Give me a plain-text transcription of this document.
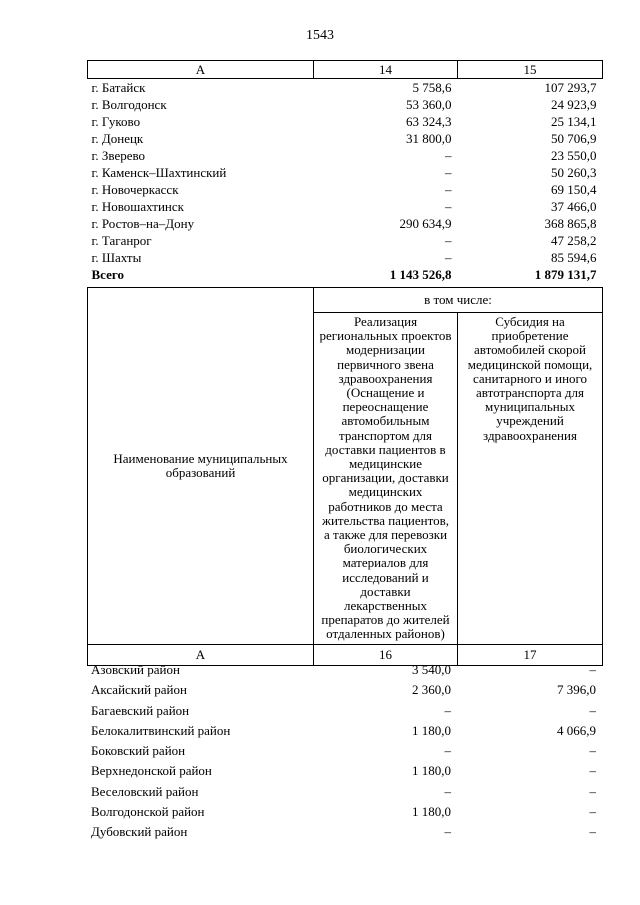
1543
А	14	15
г. Батайск	5 758,6	107 293,7
г. Волгодонск	53 360,0	24 923,9
г. Гуково	63 324,3	25 134,1
г. Донецк	31 800,0	50 706,9
г. Зверево	–	23 550,0
г. Каменск–Шахтинский	–	50 260,3
г. Новочеркасск	–	69 150,4
г. Новошахтинск	–	37 466,0
г. Ростов–на–Дону	290 634,9	368 865,8
г. Таганрог	–	47 258,2
г. Шахты	–	85 594,6
Всего	1 143 526,8	1 879 131,7
Наименование муниципальных образований	в том числе:	
	Реализация региональных проектов модернизации первичного звена здравоохранения (Оснащение и переоснащение автомобильным транспортом для доставки пациентов в медицинские организации, доставки медицинских работников до места жительства пациентов, а также для перевозки биологических материалов для исследований и доставки лекарственных препаратов до жителей отдаленных районов)	Субсидия на приобретение автомобилей скорой медицинской помощи, санитарного и иного автотранспорта для муниципальных учреждений здравоохранения
А	16	17
Азовский район	3 540,0	–
Аксайский район	2 360,0	7 396,0
Багаевский район	–	–
Белокалитвинский район	1 180,0	4 066,9
Боковский район	–	–
Верхнедонской район	1 180,0	–
Веселовский район	–	–
Волгодонской район	1 180,0	–
Дубовский район	–	–
